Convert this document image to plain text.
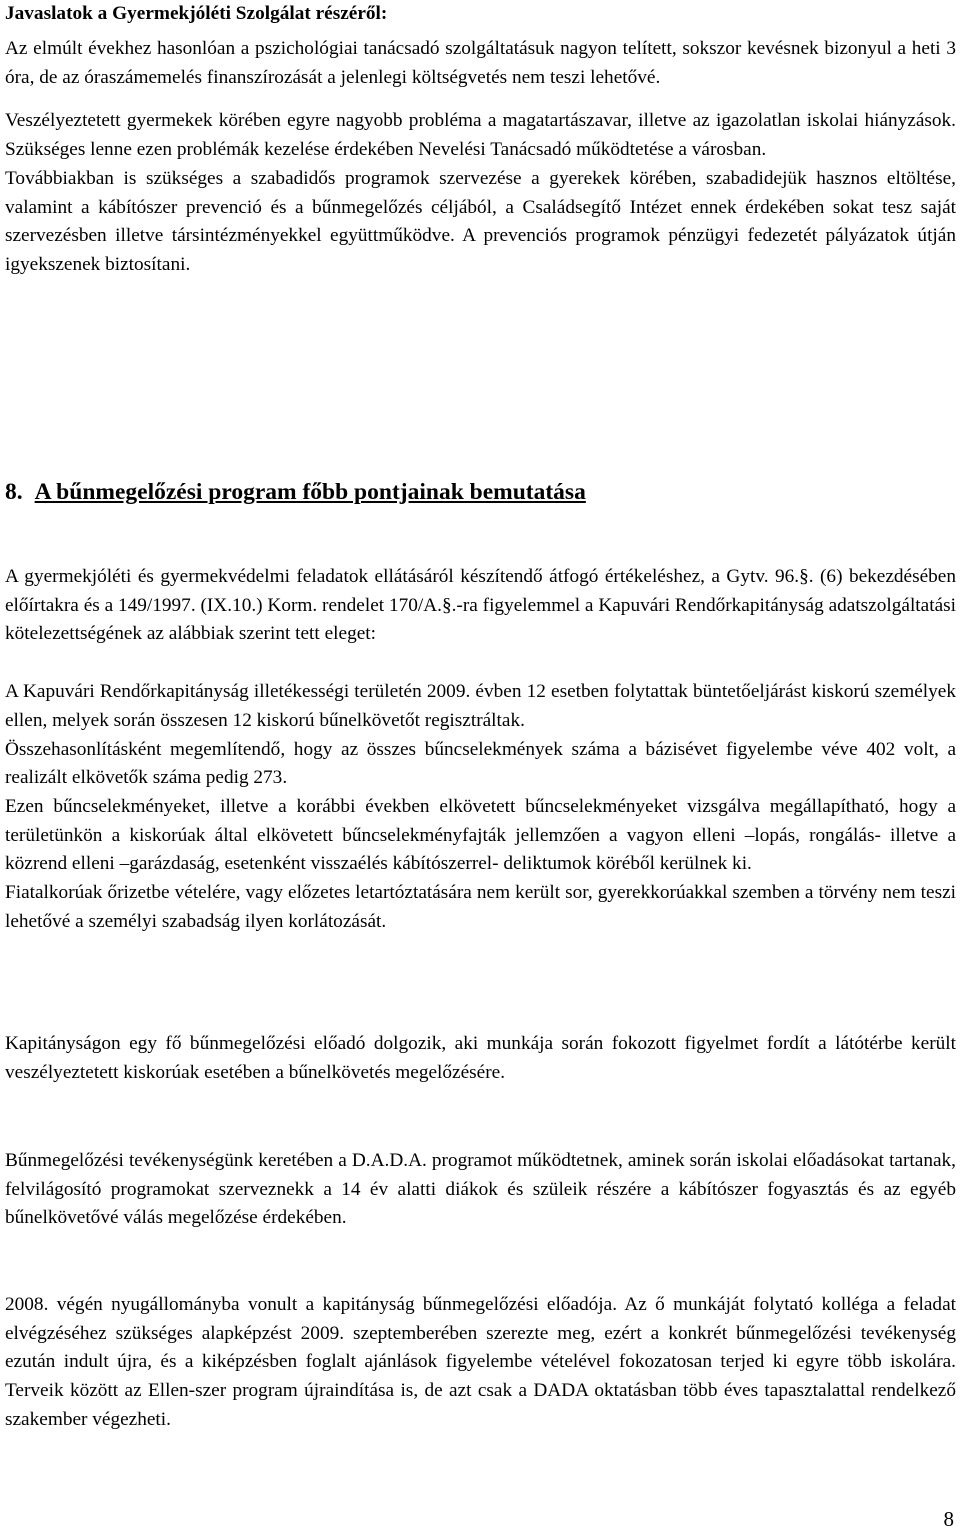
Javaslatok a Gyermekjóléti Szolgálat részéről:

Az elmúlt évekhez hasonlóan a pszichológiai tanácsadó szolgáltatásuk nagyon telített, sokszor kevésnek bizonyul a heti 3 óra, de az óraszámemelés finanszírozását a jelenlegi költségvetés nem teszi lehetővé.

Veszélyeztetett gyermekek körében egyre nagyobb probléma a magatartászavar, illetve az igazolatlan iskolai hiányzások. Szükséges lenne ezen problémák kezelése érdekében Nevelési Tanácsadó működtetése a városban.

Továbbiakban is szükséges a szabadidős programok szervezése a gyerekek körében, szabadidejük hasznos eltöltése, valamint a kábítószer prevenció és a bűnmegelőzés céljából, a Családsegítő Intézet ennek érdekében sokat tesz saját szervezésben illetve társintézményekkel együttműködve. A prevenciós programok pénzügyi fedezetét pályázatok útján igyekszenek biztosítani.

8. A bűnmegelőzési program főbb pontjainak bemutatása

A gyermekjóléti és gyermekvédelmi feladatok ellátásáról készítendő átfogó értékeléshez, a Gytv. 96.§. (6) bekezdésében előírtakra és a 149/1997. (IX.10.) Korm. rendelet 170/A.§.-ra figyelemmel a Kapuvári Rendőrkapitányság adatszolgáltatási kötelezettségének az alábbiak szerint tett eleget:

A Kapuvári Rendőrkapitányság illetékességi területén 2009. évben 12 esetben folytattak büntetőeljárást kiskorú személyek ellen, melyek során összesen 12 kiskorú bűnelkövetőt regisztráltak.

Összehasonlításként megemlítendő, hogy az összes bűncselekmények száma a bázisévet figyelembe véve 402 volt, a realizált elkövetők száma pedig 273.

Ezen bűncselekményeket, illetve a korábbi években elkövetett bűncselekményeket vizsgálva megállapítható, hogy a területünkön a kiskorúak által elkövetett bűncselekményfajták jellemzően a vagyon elleni –lopás, rongálás- illetve a közrend elleni –garázdaság, esetenként visszaélés kábítószerrel- deliktumok köréből kerülnek ki.

Fiatalkorúak őrizetbe vételére, vagy előzetes letartóztatására nem került sor, gyerekkorúakkal szemben a törvény nem teszi lehetővé a személyi szabadság ilyen korlátozását.

Kapitányságon egy fő bűnmegelőzési előadó dolgozik, aki munkája során fokozott figyelmet fordít a látótérbe került veszélyeztetett kiskorúak esetében a bűnelkövetés megelőzésére.

Bűnmegelőzési tevékenységünk keretében a D.A.D.A. programot működtetnek, aminek során iskolai előadásokat tartanak, felvilágosító programokat szerveznekk a 14 év alatti diákok és szüleik részére a kábítószer fogyasztás és az egyéb bűnelkövetővé válás megelőzése érdekében.

2008. végén nyugállományba vonult a kapitányság bűnmegelőzési előadója. Az ő munkáját folytató kolléga a feladat elvégzéséhez szükséges alapképzést 2009. szeptemberében szerezte meg, ezért a konkrét bűnmegelőzési tevékenység ezután indult újra, és a kiképzésben foglalt ajánlások figyelembe vételével fokozatosan terjed ki egyre több iskolára. Terveik között az Ellen-szer program újraindítása is, de azt csak a DADA oktatásban több éves tapasztalattal rendelkező szakember végezheti.

8
